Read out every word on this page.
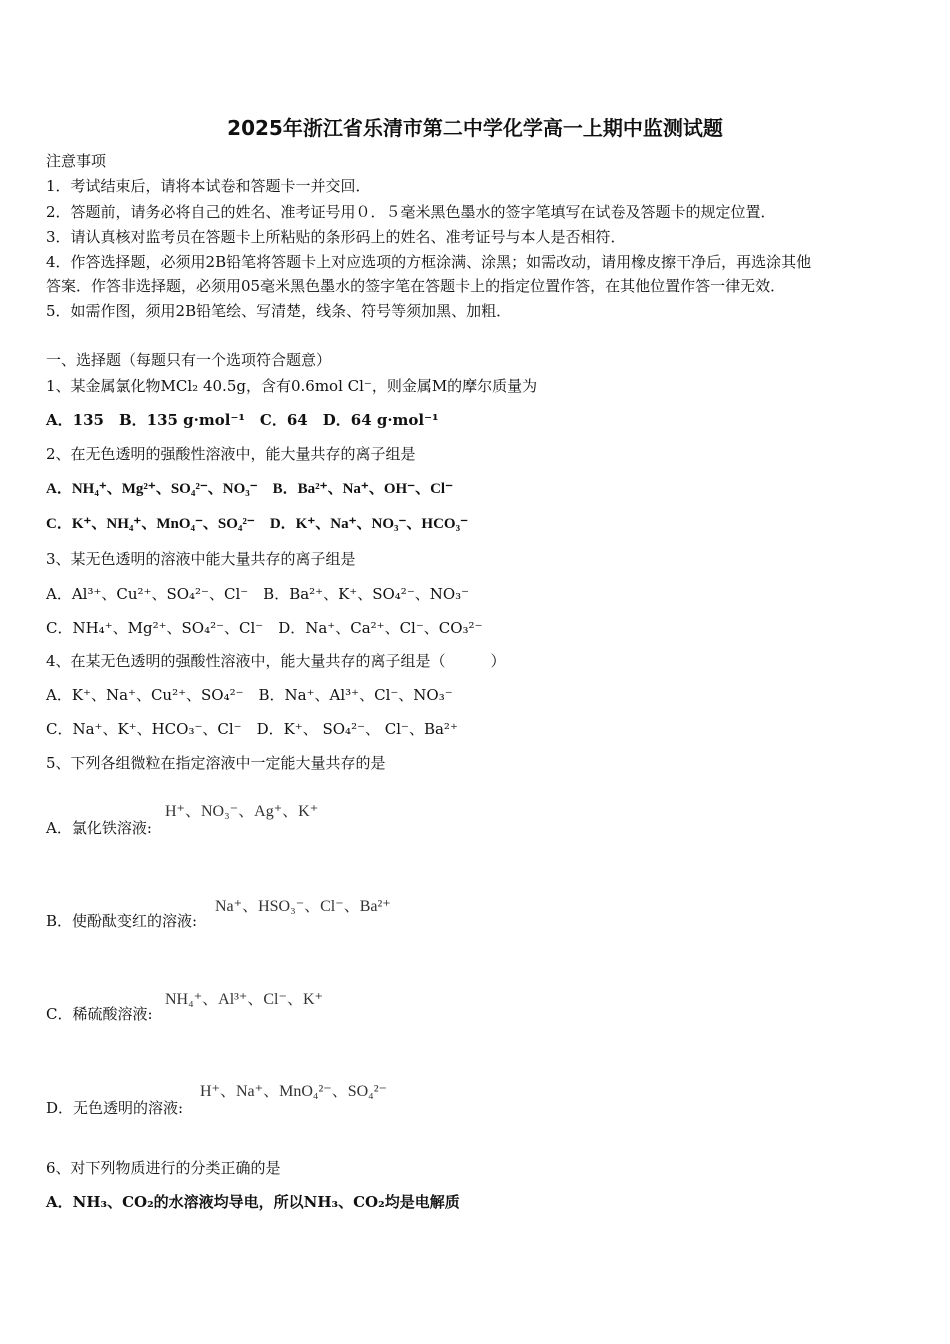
2025年浙江省乐清市第二中学化学高一上期中监测试题
注意事项
1．考试结束后，请将本试卷和答题卡一并交回．
2．答题前，请务必将自己的姓名、准考证号用０．５毫米黑色墨水的签字笔填写在试卷及答题卡的规定位置．
3．请认真核对监考员在答题卡上所粘贴的条形码上的姓名、准考证号与本人是否相符．
4．作答选择题，必须用2B铅笔将答题卡上对应选项的方框涂满、涂黑；如需改动，请用橡皮擦干净后，再选涂其他
答案．作答非选择题，必须用05毫米黑色墨水的签字笔在答题卡上的指定位置作答，在其他位置作答一律无效．
5．如需作图，须用2B铅笔绘、写清楚，线条、符号等须加黑、加粗．
一、选择题（每题只有一个选项符合题意）
1、某金属氯化物MCl₂ 40.5g，含有0.6mol Cl⁻，则金属M的摩尔质量为
A．135　B．135 g·mol⁻¹　C．64　D．64 g·mol⁻¹
2、在无色透明的强酸性溶液中，能大量共存的离子组是
A．NH₄⁺、Mg²⁺、SO₄²⁻、NO₃⁻　B．Ba²⁺、Na⁺、OH⁻、Cl⁻
C．K⁺、NH₄⁺、MnO₄⁻、SO₄²⁻　D．K⁺、Na⁺、NO₃⁻、HCO₃⁻
3、某无色透明的溶液中能大量共存的离子组是
A．Al³⁺、Cu²⁺、SO₄²⁻、Cl⁻　B．Ba²⁺、K⁺、SO₄²⁻、NO₃⁻
C．NH₄⁺、Mg²⁺、SO₄²⁻、Cl⁻　D．Na⁺、Ca²⁺、Cl⁻、CO₃²⁻
4、在某无色透明的强酸性溶液中，能大量共存的离子组是（　　　）
A．K⁺、Na⁺、Cu²⁺、SO₄²⁻　B．Na⁺、Al³⁺、Cl⁻、NO₃⁻
C．Na⁺、K⁺、HCO₃⁻、Cl⁻　D．K⁺、 SO₄²⁻、 Cl⁻、Ba²⁺
5、下列各组微粒在指定溶液中一定能大量共存的是
H⁺、NO₃⁻、Ag⁺、K⁺
A．氯化铁溶液:
Na⁺、HSO₃⁻、Cl⁻、Ba²⁺
B．使酚酞变红的溶液:
NH₄⁺、Al³⁺、Cl⁻、K⁺
C．稀硫酸溶液:
H⁺、Na⁺、MnO₄²⁻、SO₄²⁻
D．无色透明的溶液:
6、对下列物质进行的分类正确的是
A．NH₃、CO₂的水溶液均导电，所以NH₃、CO₂均是电解质
